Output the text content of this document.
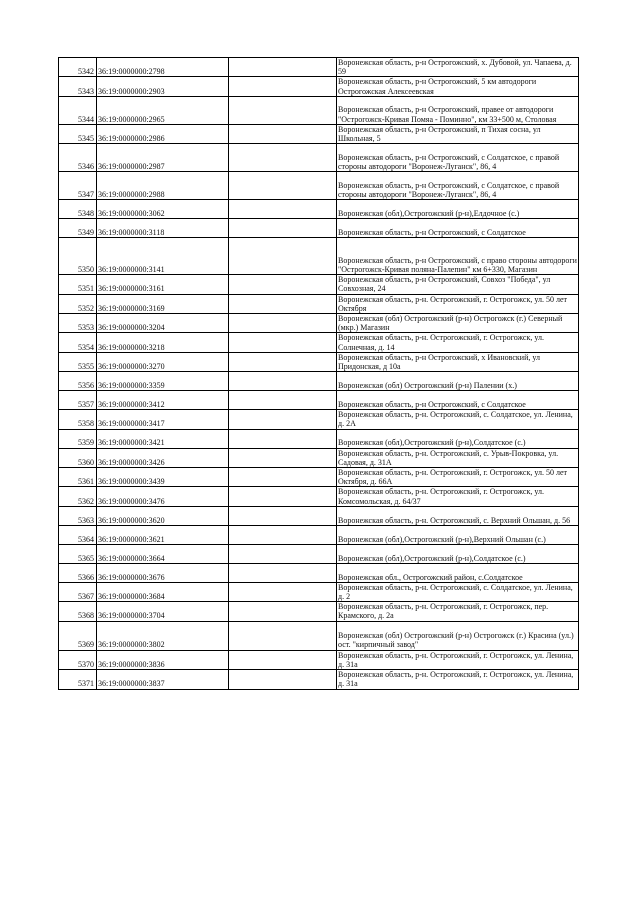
5342	36:19:0000000:2798		Воронежская область, р-н Острогожский, х. Дубовой, ул. Чапаева, д. 59
5343	36:19:0000000:2903		Воронежская область, р-н Острогожский, 5 км автодороги Острогожская Алексеевская
5344	36:19:0000000:2965		Воронежская область, р-н Острогожский, правее от автодороги "Острогожск-Кривая Помяа - Поминно", км 33+500 м, Столовая
5345	36:19:0000000:2986		Воронежская область, р-н Острогожский, п Тихая сосна, ул Школьная, 5
5346	36:19:0000000:2987		Воронежская область, р-н Острогожский, с Солдатское, с правой стороны автодороги "Воронеж-Луганск", 86, 4
5347	36:19:0000000:2988		Воронежская область, р-н Острогожский, с Солдатское, с правой стороны автодороги "Воронеж-Луганск", 86, 4
5348	36:19:0000000:3062		Воронежская (обл),Острогожский (р-н),Елдочное (с.)
5349	36:19:0000000:3118		Воронежская область, р-н Острогожский, с Солдатское
5350	36:19:0000000:3141		Воронежская область, р-н Острогожский, с право стороны автодороги "Острогожск-Кривая поляна-Палепин" км 6+330, Магазин
5351	36:19:0000000:3161		Воронежская область, р-н Острогожский, Совхоз "Победа", ул Совхозная, 24
5352	36:19:0000000:3169		Воронежская область, р-н. Острогожский, г. Острогожск, ул. 50 лет Октября
5353	36:19:0000000:3204		Воронежская (обл) Острогожский (р-н) Острогожск (г.) Северный (мкр.) Магазин
5354	36:19:0000000:3218		Воронежская область, р-н. Острогожский, г. Острогожск, ул. Солнечная, д. 14
5355	36:19:0000000:3270		Воронежская область, р-н Острогожский, х Ивановский, ул Придонская, д 10а
5356	36:19:0000000:3359		Воронежская (обл) Острогожский (р-н) Палении (х.)
5357	36:19:0000000:3412		Воронежская область, р-н Острогожский, с Солдатское
5358	36:19:0000000:3417		Воронежская область, р-н. Острогожский, с. Солдатское, ул. Ленина, д. 2А
5359	36:19:0000000:3421		Воронежская (обл),Острогожский (р-н),Солдатское (с.)
5360	36:19:0000000:3426		Воронежская область, р-н. Острогожский, с. Урыв-Покровка, ул. Садовая, д. 31А
5361	36:19:0000000:3439		Воронежская область, р-н. Острогожский, г. Острогожск, ул. 50 лет Октября, д. 66А
5362	36:19:0000000:3476		Воронежская область, р-н. Острогожский, г. Острогожск, ул. Комсомольская, д. 64/37
5363	36:19:0000000:3620		Воронежская область, р-н. Острогожский, с. Верхний Ольшан, д. 56
5364	36:19:0000000:3621		Воронежская (обл),Острогожский (р-н),Верхний Ольшан (с.)
5365	36:19:0000000:3664		Воронежская (обл),Острогожский (р-н),Солдатское (с.)
5366	36:19:0000000:3676		Воронежская обл., Острогожский район, с.Солдатское
5367	36:19:0000000:3684		Воронежская область, р-н. Острогожский, с. Солдатское, ул. Ленина, д. 2
5368	36:19:0000000:3704		Воронежская область, р-н. Острогожский, г. Острогожск, пер. Крамского, д. 2а
5369	36:19:0000000:3802		Воронежская (обл) Острогожский (р-н) Острогожск (г.) Красина (ул.) ост. "кирпичный завод"
5370	36:19:0000000:3836		Воронежская область, р-н. Острогожский, г. Острогожск, ул. Ленина, д. 31а
5371	36:19:0000000:3837		Воронежская область, р-н. Острогожский, г. Острогожск, ул. Ленина, д. 31а
